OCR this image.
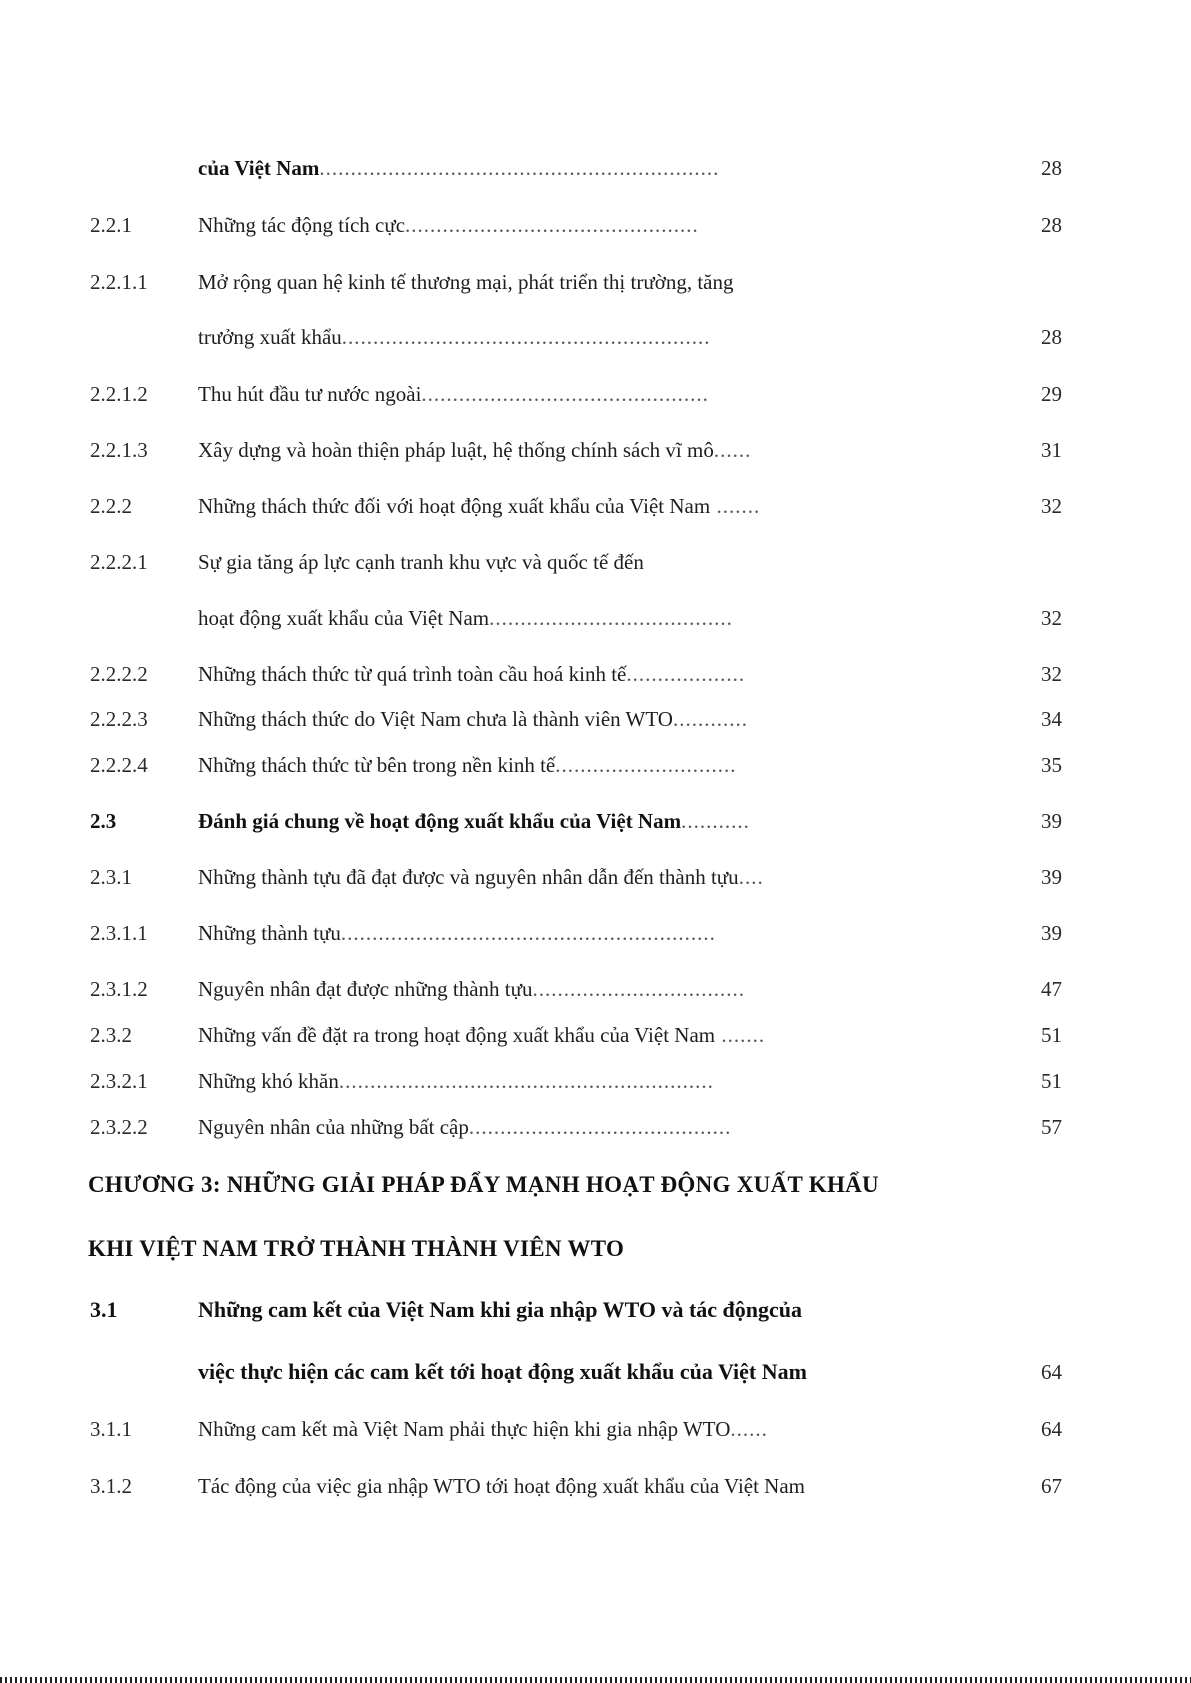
của Việt Nam................................................................	28
2.2.1	Những tác động tích cực...............................................	28
2.2.1.1 Mở rộng quan hệ kinh tế thương mại, phát triển thị trường, tăng
trưởng xuất khẩu...........................................................	28
2.2.1.2 Thu hút đầu tư nước ngoài..............................................	29
2.2.1.3 Xây dựng và hoàn thiện pháp luật, hệ thống chính sách vĩ mô......	31
2.2.2	Những thách thức đối với hoạt động xuất khẩu của Việt Nam .......	32
2.2.2.1 Sự gia tăng áp lực cạnh tranh khu vực và quốc tế đến
hoạt động xuất khẩu của Việt Nam.......................................	32
2.2.2.2 Những thách thức từ quá trình toàn cầu hoá kinh tế...................	32
2.2.2.3 Những thách thức do Việt Nam chưa là thành viên WTO............	34
2.2.2.4 Những thách thức từ bên trong nền kinh tế.............................	35
2.3	Đánh giá chung về hoạt động xuất khẩu của Việt Nam...........	39
2.3.1	Những thành tựu đã đạt được và nguyên nhân dẫn đến thành tựu....	39
2.3.1.1 Những thành tựu............................................................	39
2.3.1.2 Nguyên nhân đạt được những thành tựu..................................	47
2.3.2	Những vấn đề đặt ra trong hoạt động xuất khẩu của Việt Nam .......	51
2.3.2.1 Những khó khăn............................................................	51
2.3.2.2 Nguyên nhân của những bất cập..........................................	57
CHƯƠNG 3: NHỮNG GIẢI PHÁP ĐẨY MẠNH HOẠT ĐỘNG XUẤT KHẨU
KHI VIỆT NAM TRỞ THÀNH THÀNH VIÊN WTO
3.1	Những cam kết của Việt Nam khi gia nhập WTO và tác độngcủa
việc thực hiện các cam kết tới hoạt động xuất khẩu của Việt Nam	64
3.1.1	Những cam kết mà Việt Nam phải thực hiện khi gia nhập WTO......	64
3.1.2	Tác động của việc gia nhập WTO tới hoạt động xuất khẩu của Việt Nam	67
